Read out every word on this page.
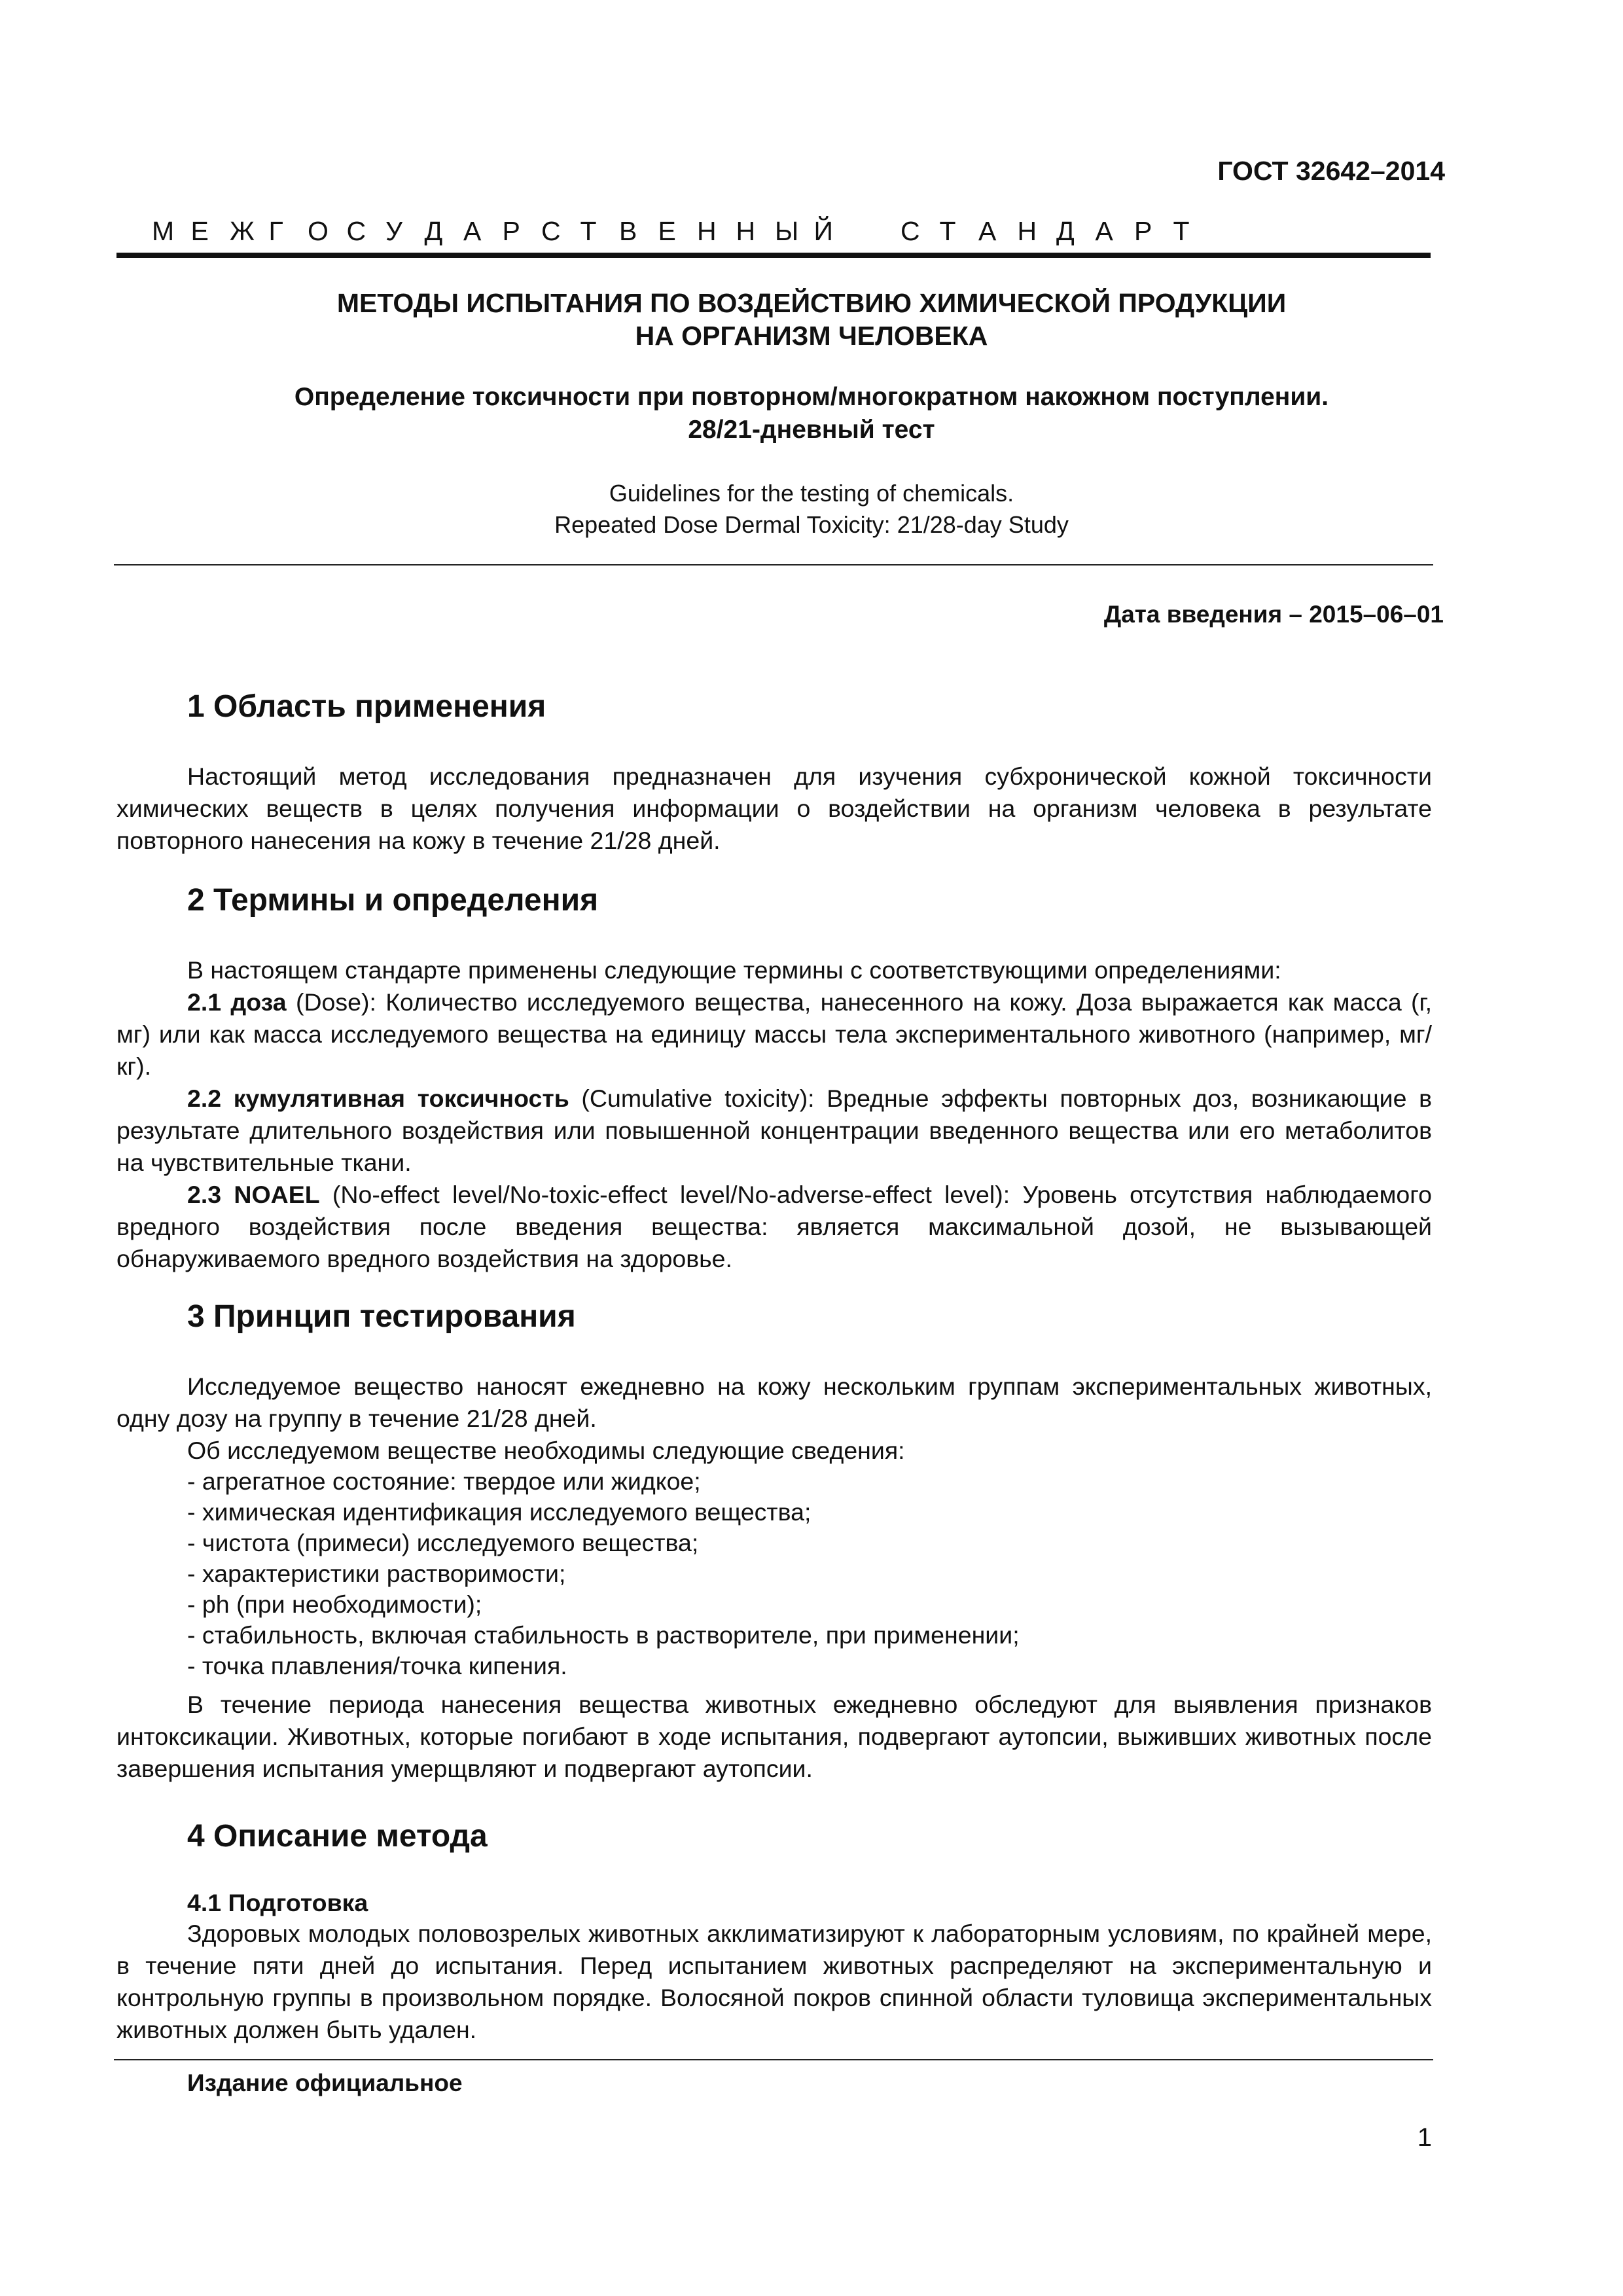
ГОСТ 32642–2014
М Е Ж Г О С У Д А Р С Т В Е Н Н Ы Й	С Т А Н Д А Р Т
МЕТОДЫ ИСПЫТАНИЯ ПО ВОЗДЕЙСТВИЮ ХИМИЧЕСКОЙ ПРОДУКЦИИ
НА ОРГАНИЗМ ЧЕЛОВЕКА
Определение токсичности при повторном/многократном накожном поступлении.
28/21-дневный тест
Guidelines for the testing of chemicals.
Repeated Dose Dermal Toxicity: 21/28-day Study
Дата введения – 2015–06–01
1 Область применения

Настоящий метод исследования предназначен для изучения субхронической кожной токсичности химических веществ в целях получения информации о воздействии на организм человека в результате повторного нанесения на кожу в течение 21/28 дней.

2 Термины и определения

В настоящем стандарте применены следующие термины с соответствующими определениями:

2.1 доза (Dose): Количество исследуемого вещества, нанесенного на кожу. Доза выражается как масса (г, мг) или как масса исследуемого вещества на единицу массы тела экспериментального животного (например, мг/кг).

2.2 кумулятивная токсичность (Cumulative toxicity): Вредные эффекты повторных доз, возникающие в результате длительного воздействия или повышенной концентрации введенного вещества или его метаболитов на чувствительные ткани.

2.3 NOAEL (No-effect level/No-toxic-effect level/No-adverse-effect level): Уровень отсутствия наблюдаемого вредного воздействия после введения вещества: является максимальной дозой, не вызывающей обнаруживаемого вредного воздействия на здоровье.

3 Принцип тестирования

Исследуемое вещество наносят ежедневно на кожу нескольким группам экспериментальных животных, одну дозу на группу в течение 21/28 дней.

Об исследуемом веществе необходимы следующие сведения:

- агрегатное состояние: твердое или жидкое;
- химическая идентификация исследуемого вещества;
- чистота (примеси) исследуемого вещества;
- характеристики растворимости;
- ph (при необходимости);
- стабильность, включая стабильность в растворителе, при применении;
- точка плавления/точка кипения.

В течение периода нанесения вещества животных ежедневно обследуют для выявления признаков интоксикации. Животных, которые погибают в ходе испытания, подвергают аутопсии, выживших животных после завершения испытания умерщвляют и подвергают аутопсии.

4 Описание метода
4.1 Подготовка

Здоровых молодых половозрелых животных акклиматизируют к лабораторным условиям, по крайней мере, в течение пяти дней до испытания. Перед испытанием животных распределяют на экспериментальную и контрольную группы в произвольном порядке. Волосяной покров спинной области туловища экспериментальных животных должен быть удален.

Издание официальное
1
